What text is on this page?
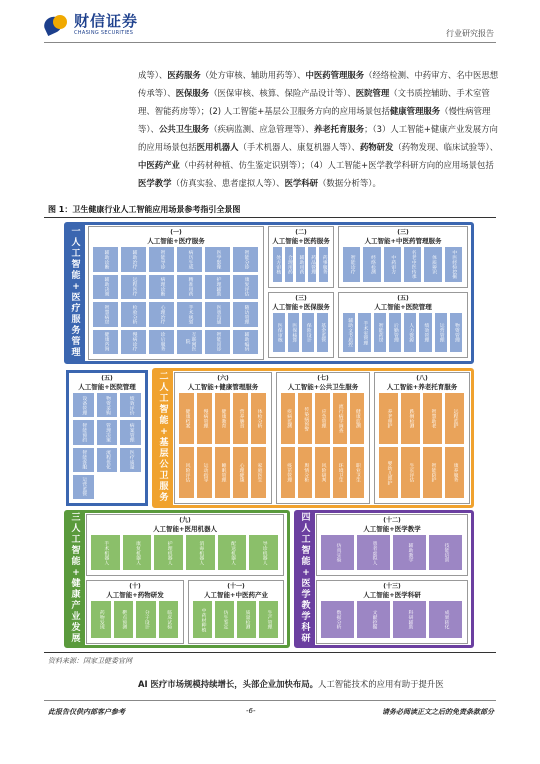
财信证券
CHASING SECURITIES	行业研究报告
成等）、医药服务（处方审核、辅助用药等）、中医药管理服务（经络检测、中药审方、名中医思想传承等）、医保服务（医保审核、核算、保险产品设计等）、医院管理（文书质控辅助、手术室管理、智能药房等）；(2) 人工智能+基层公卫服务方向的应用场景包括健康管理服务（慢性病管理等）、公共卫生服务（疾病监测、应急管理等）、养老托育服务；（3）人工智能+健康产业发展方向的应用场景包括医用机器人（手术机器人、康复机器人等）、药物研发（药物发现、临床试验等）、中医药产业（中药材种植、仿生鉴定识别等）；（4）人工智能+医学教学科研方向的应用场景包括医学教学（仿真实验、患者虚拟人等）、医学科研（数据分析等）。
图 1：卫生健康行业人工智能应用场景参考指引全景图
一
人
工
智
能
+
医
疗
服
务
管
理
二
人
工
智
能
+
基
层
公
卫
服
务
三
人
工
智
能
+
健
康
产
业
发
展
四
人
工
智
能
+
医
学
教
学
科
研
(一)
人工智能+医疗服务
辅助诊断	辅助治疗	智能导诊	病历生成	医学影像	智能分诊
辅助决策	远程医疗	病理诊断	精准用药	护理辅助	康复评估
智慧病房	检验分析	心理治疗	手术规划	医患沟通	随访管理
健康咨询	慢病诊疗	诊后服务	互联网医院	智能问诊	辅助编码
(二)
人工智能+医药服务
处方审核	合理用药	辅助用药	药品管理	药事服务
(三)
人工智能+中医药管理服务
智能诊疗	经络检测	中药审方	名老中医传承	体质辨识	中医经验挖掘
(三)
人工智能+医保服务
医保审核	医保核算	保险设计	基金监管
(五)
人工智能+医院管理
辅助文书质控	手术室管理	智能药房	后勤管理	人力资源	绩效管理	运营管理	物资管理
(五)
人工智能+医院管理
设备管理	物资采购	绩效评价
智能预约	管理决策	病案管理
智能客服	流程优化	医疗质量
运营监管
(六)
人工智能+健康管理服务
健康档案	慢病管理	健康教育	营养膳食	体检分析
风险评估	运动指导	睡眠管理	心理健康	家庭医生
(七)
人工智能+公共卫生服务
疾病监测	传染病预警	应急管理	流行病学调查	健康监测
疫苗管理	舆情分析	风险研判	环境卫生	职业卫生
(八)
人工智能+养老托育服务
养老照护	跌倒检测	智慧助老	远程监护
婴幼儿照护	生长评估	智能陪护	康养服务
(九)
人工智能+医用机器人
手术机器人	康复机器人	护理机器人	消毒机器人	配送机器人	导诊机器人
(十)
人工智能+药物研发
药物发现	靶点预测	分子设计	临床试验
(十一)
人工智能+中医药产业
中药材种植	仿生鉴定	质量检测	生产管理
(十二)
人工智能+医学教学
仿真实验	患者虚拟人	辅助教学	技能培训
(十三)
人工智能+医学科研
数据分析	文献挖掘	科研辅助	成果转化
资料来源：国家卫健委官网
AI 医疗市场规模持续增长，头部企业加快布局。人工智能技术的应用有助于提升医
此报告仅供内部客户参考	-6-	请务必阅读正文之后的免责条款部分
